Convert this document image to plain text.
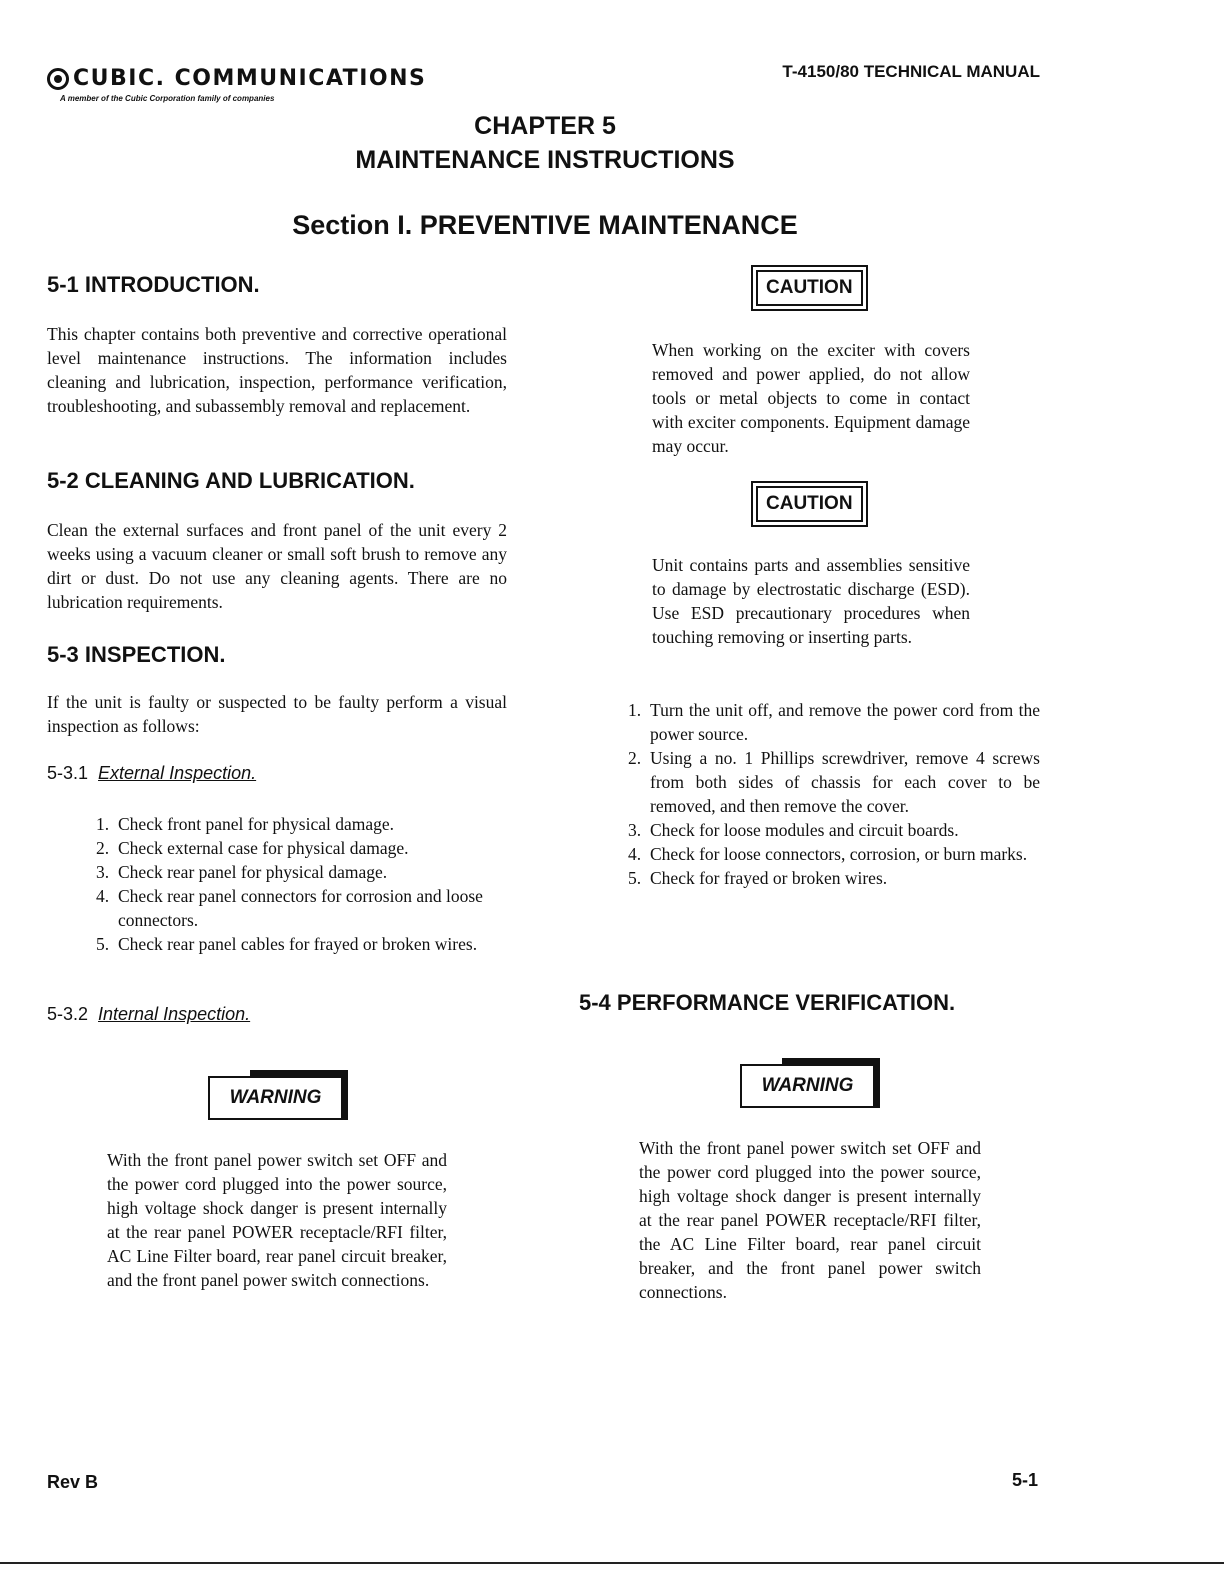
CUBIC. COMMUNICATIONS
A member of the Cubic Corporation family of companies
T-4150/80 TECHNICAL MANUAL
CHAPTER 5
MAINTENANCE INSTRUCTIONS
Section I. PREVENTIVE MAINTENANCE
5-1 INTRODUCTION.
This chapter contains both preventive and corrective operational level maintenance instructions. The information includes cleaning and lubrication, inspection, performance verification, troubleshooting, and subassembly removal and replacement.
5-2 CLEANING AND LUBRICATION.
Clean the external surfaces and front panel of the unit every 2 weeks using a vacuum cleaner or small soft brush to remove any dirt or dust. Do not use any cleaning agents. There are no lubrication requirements.
5-3 INSPECTION.
If the unit is faulty or suspected to be faulty perform a visual inspection as follows:
5-3.1 External Inspection.
1. Check front panel for physical damage.
2. Check external case for physical damage.
3. Check rear panel for physical damage.
4. Check rear panel connectors for corrosion and loose connectors.
5. Check rear panel cables for frayed or broken wires.
5-3.2 Internal Inspection.
WARNING
With the front panel power switch set OFF and the power cord plugged into the power source, high voltage shock danger is present internally at the rear panel POWER receptacle/RFI filter, AC Line Filter board, rear panel circuit breaker, and the front panel power switch connections.
CAUTION
When working on the exciter with covers removed and power applied, do not allow tools or metal objects to come in contact with exciter components. Equipment damage may occur.
CAUTION
Unit contains parts and assemblies sensitive to damage by electrostatic discharge (ESD). Use ESD precautionary procedures when touching removing or inserting parts.
1. Turn the unit off, and remove the power cord from the power source.
2. Using a no. 1 Phillips screwdriver, remove 4 screws from both sides of chassis for each cover to be removed, and then remove the cover.
3. Check for loose modules and circuit boards.
4. Check for loose connectors, corrosion, or burn marks.
5. Check for frayed or broken wires.
5-4 PERFORMANCE VERIFICATION.
WARNING
With the front panel power switch set OFF and the power cord plugged into the power source, high voltage shock danger is present internally at the rear panel POWER receptacle/RFI filter, the AC Line Filter board, rear panel circuit breaker, and the front panel power switch connections.
Rev B	5-1
